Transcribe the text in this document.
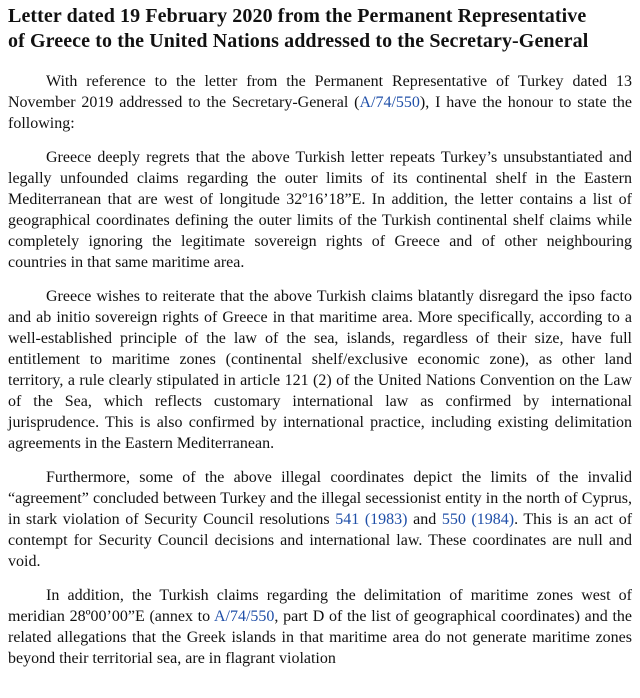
Letter dated 19 February 2020 from the Permanent Representative
of Greece to the United Nations addressed to the Secretary-General

With reference to the letter from the Permanent Representative of Turkey dated 13 November 2019 addressed to the Secretary-General (A/74/550), I have the honour to state the following:

Greece deeply regrets that the above Turkish letter repeats Turkey’s unsubstantiated and legally unfounded claims regarding the outer limits of its continental shelf in the Eastern Mediterranean that are west of longitude 32º16’18”E. In addition, the letter contains a list of geographical coordinates defining the outer limits of the Turkish continental shelf claims while completely ignoring the legitimate sovereign rights of Greece and of other neighbouring countries in that same maritime area.

Greece wishes to reiterate that the above Turkish claims blatantly disregard the ipso facto and ab initio sovereign rights of Greece in that maritime area. More specifically, according to a well-established principle of the law of the sea, islands, regardless of their size, have full entitlement to maritime zones (continental shelf/exclusive economic zone), as other land territory, a rule clearly stipulated in article 121 (2) of the United Nations Convention on the Law of the Sea, which reflects customary international law as confirmed by international jurisprudence. This is also confirmed by international practice, including existing delimitation agreements in the Eastern Mediterranean.

Furthermore, some of the above illegal coordinates depict the limits of the invalid “agreement” concluded between Turkey and the illegal secessionist entity in the north of Cyprus, in stark violation of Security Council resolutions 541 (1983) and 550 (1984). This is an act of contempt for Security Council decisions and international law. These coordinates are null and void.

In addition, the Turkish claims regarding the delimitation of maritime zones west of meridian 28º00’00”E (annex to A/74/550, part D of the list of geographical coordinates) and the related allegations that the Greek islands in that maritime area do not generate maritime zones beyond their territorial sea, are in flagrant violation
